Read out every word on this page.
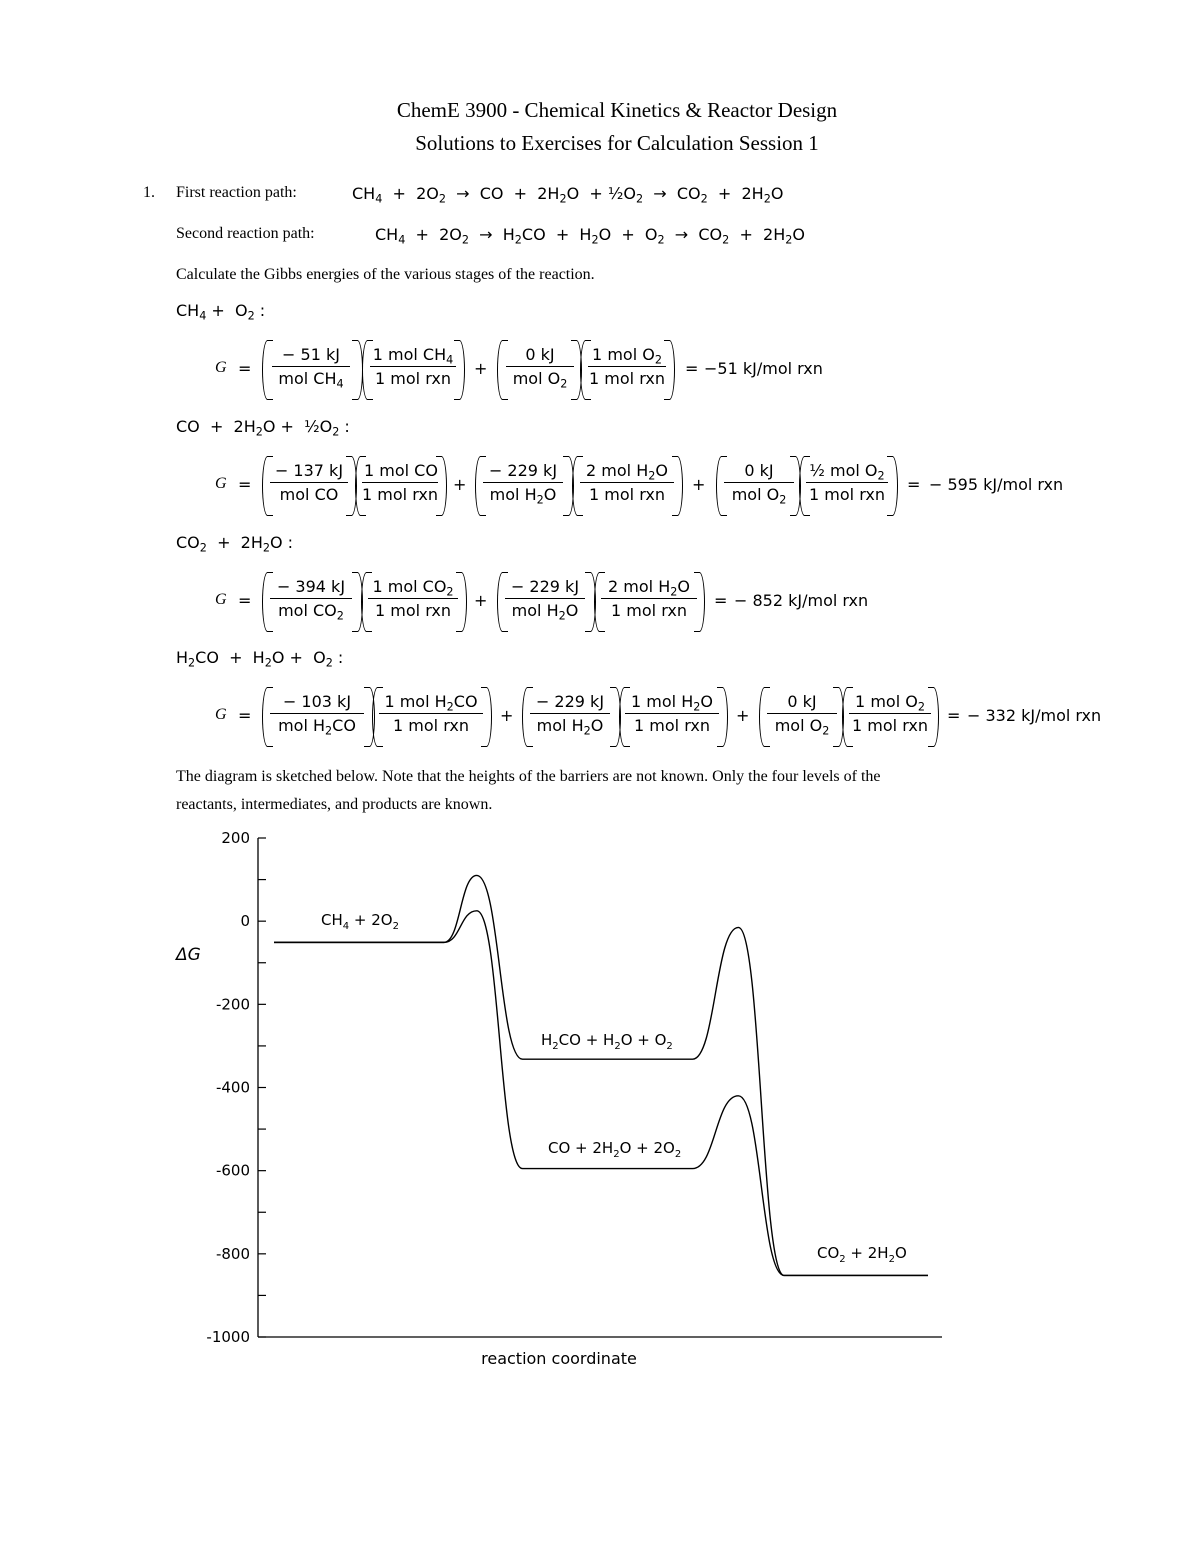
ChemE 3900 - Chemical Kinetics & Reactor Design
Solutions to Exercises for Calculation Session 1
1. First reaction path:	$CH_4 + 2O_2$  →  CO  +  $2H_2O$  + $\frac{1}{2}O_2 \to CO_2 + 2H_2O$
Second reaction path:	$CH_4 + 2O_2 \to H_2CO + H_2O + O_2 \to CO_2 + 2H_2O$
Calculate the Gibbs energies of the various stages of the reaction.
$CH_4 + O_2$ :
G =
− 51 kJ
mol $CH_4$
1 mol $CH_4$
1 mol rxn
+
0 kJ
mol $O_2$
1 mol $O_2$
1 mol rxn
= −51 kJ/mol rxn
CO  +  $2H_2O$ +  $\frac{1}{2}O_2$ :
G =
− 137 kJ
mol CO
1 mol CO
1 mol rxn
+
− 229 kJ
mol $H_2O$
2 mol $H_2O$
1 mol rxn
+
0 kJ
mol $O_2$
½ mol $O_2$
1 mol rxn
= − 595 kJ/mol rxn
$CO_2 + 2H_2O$ :
G =
− 394 kJ
mol $CO_2$
1 mol $CO_2$
1 mol rxn
+
− 229 kJ
mol $H_2O$
2 mol $H_2O$
1 mol rxn
= − 852 kJ/mol rxn
$H_2CO + H_2O + O_2$ :
G =
− 103 kJ
mol $H_2CO$
1 mol $H_2CO$
1 mol rxn
+
− 229 kJ
mol $H_2O$
1 mol $H_2O$
1 mol rxn
+
0 kJ
mol $O_2$
1 mol $O_2$
1 mol rxn
= − 332 kJ/mol rxn
The diagram is sketched below. Note that the heights of the barriers are not known. Only the four levels of the
reactants, intermediates, and products are known.
200
0
-200
-400
-600
-800
-1000
ΔG
reaction coordinate
$CH_4 + 2O_2$
$H_2CO + H_2O + O_2$
CO + $2H_2O + 2O_2$
$CO_2 + 2H_2O$
